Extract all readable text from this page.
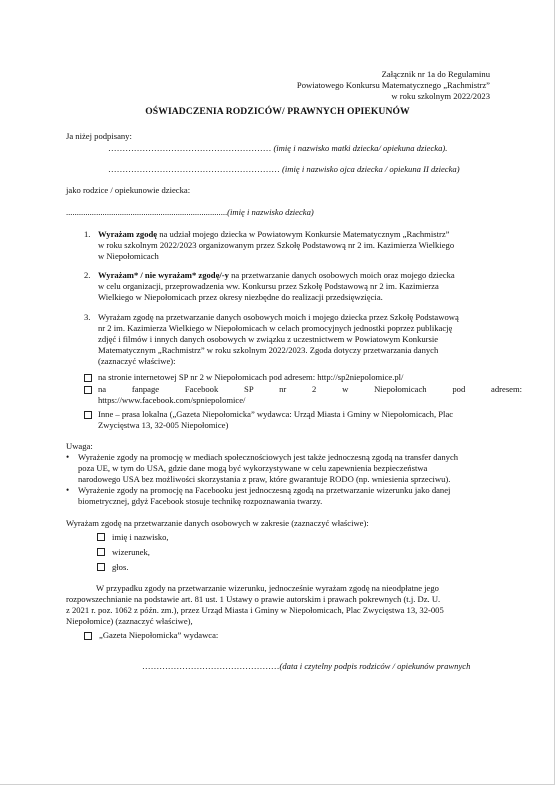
Załącznik nr 1a do Regulaminu
Powiatowego Konkursu Matematycznego „Rachmistrz”
w roku szkolnym 2022/2023
OŚWIADCZENIA RODZICÓW/ PRAWNYCH OPIEKUNÓW
Ja niżej podpisany:
………………………………………………… (imię i nazwisko matki dziecka/ opiekuna dziecka).
…………………………………………………… (imię i nazwisko ojca dziecka / opiekuna II dziecka)
jako rodzice / opiekunowie dziecka:
...........................................................................(imię i nazwisko dziecka)
1. Wyrażam zgodę na udział mojego dziecka w Powiatowym Konkursie Matematycznym „Rachmistrz”
w roku szkolnym 2022/2023 organizowanym przez Szkołę Podstawową nr 2 im. Kazimierza Wielkiego
w Niepołomicach
2. Wyrażam* / nie wyrażam* zgodę/-y na przetwarzanie danych osobowych moich oraz mojego dziecka
w celu organizacji, przeprowadzenia ww. Konkursu przez Szkołę Podstawową nr 2 im. Kazimierza
Wielkiego w Niepołomicach przez okresy niezbędne do realizacji przedsięwzięcia.
3. Wyrażam zgodę na przetwarzanie danych osobowych moich i mojego dziecka przez Szkołę Podstawową
nr 2 im. Kazimierza Wielkiego w Niepołomicach w celach promocyjnych jednostki poprzez publikację
zdjęć i filmów i innych danych osobowych w związku z uczestnictwem w Powiatowym Konkursie
Matematycznym „Rachmistrz” w roku szkolnym 2022/2023. Zgoda dotyczy przetwarzania danych
(zaznaczyć właściwe):
na stronie internetowej SP nr 2 w Niepołomicach pod adresem: http://sp2niepolomice.pl/
na            fanpage            Facebook            SP            nr            2            w            Niepołomicach            pod            adresem:
https://www.facebook.com/spniepolomice/
Inne – prasa lokalna („Gazeta Niepołomicka” wydawca: Urząd Miasta i Gminy w Niepołomicach, Plac
Zwycięstwa 13, 32-005 Niepołomice)
Uwaga:
• Wyrażenie zgody na promocję w mediach społecznościowych jest także jednoczesną zgodą na transfer danych
poza UE, w tym do USA, gdzie dane mogą być wykorzystywane w celu zapewnienia bezpieczeństwa
narodowego USA bez możliwości skorzystania z praw, które gwarantuje RODO (np. wniesienia sprzeciwu).
• Wyrażenie zgody na promocję na Facebooku jest jednoczesną zgodą na przetwarzanie wizerunku jako danej
biometrycznej, gdyż Facebook stosuje technikę rozpoznawania twarzy.
Wyrażam zgodę na przetwarzanie danych osobowych w zakresie (zaznaczyć właściwe):
imię i nazwisko,
wizerunek,
głos.
W przypadku zgody na przetwarzanie wizerunku, jednocześnie wyrażam zgodę na nieodpłatne jego
rozpowszechnianie na podstawie art. 81 ust. 1 Ustawy o prawie autorskim i prawach pokrewnych (t.j. Dz. U.
z 2021 r. poz. 1062 z późn. zm.), przez Urząd Miasta i Gminy w Niepołomicach, Plac Zwycięstwa 13, 32-005
Niepołomice) (zaznaczyć właściwe),
„Gazeta Niepołomicka” wydawca:
…………………………………………(data i czytelny podpis rodziców / opiekunów prawnych
